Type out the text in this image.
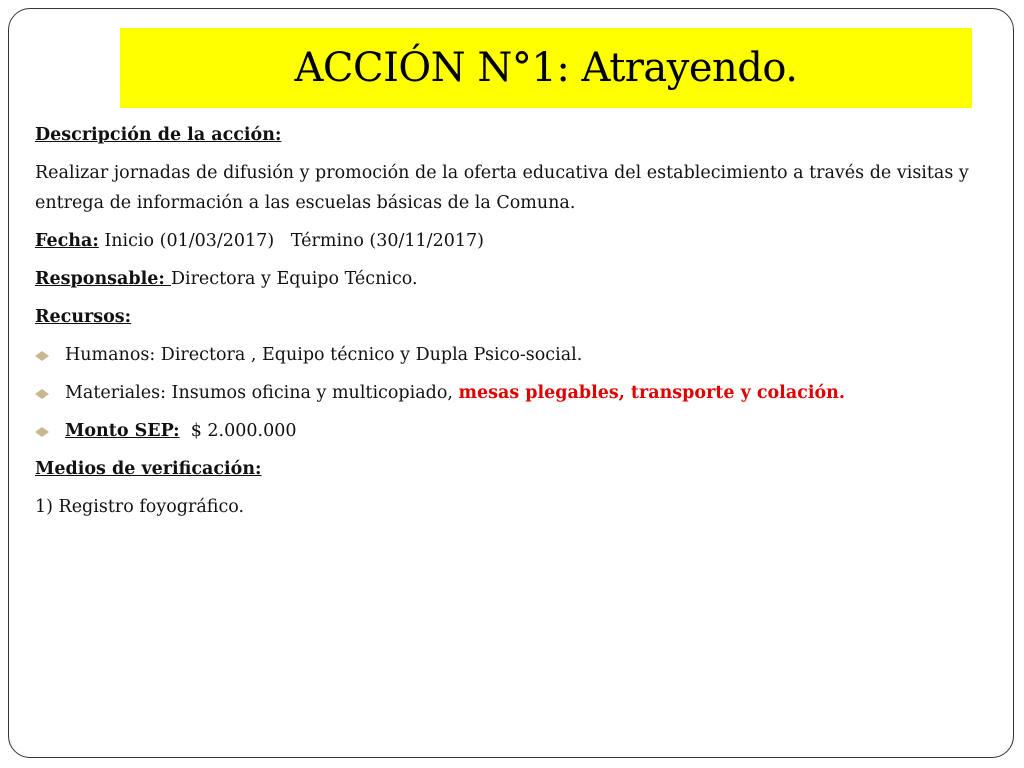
ACCIÓN N°1: Atrayendo.
Descripción de la acción:
Realizar jornadas de difusión y promoción de la oferta educativa del establecimiento a través de visitas y entrega de información a las escuelas básicas de la Comuna.
Fecha: Inicio (01/03/2017)   Término (30/11/2017)
Responsable: Directora y Equipo Técnico.
Recursos:
Humanos: Directora , Equipo técnico y Dupla Psico-social.
Materiales: Insumos oficina y multicopiado, mesas plegables, transporte y colación.
Monto SEP:  $ 2.000.000
Medios de verificación:
1) Registro foyográfico.
